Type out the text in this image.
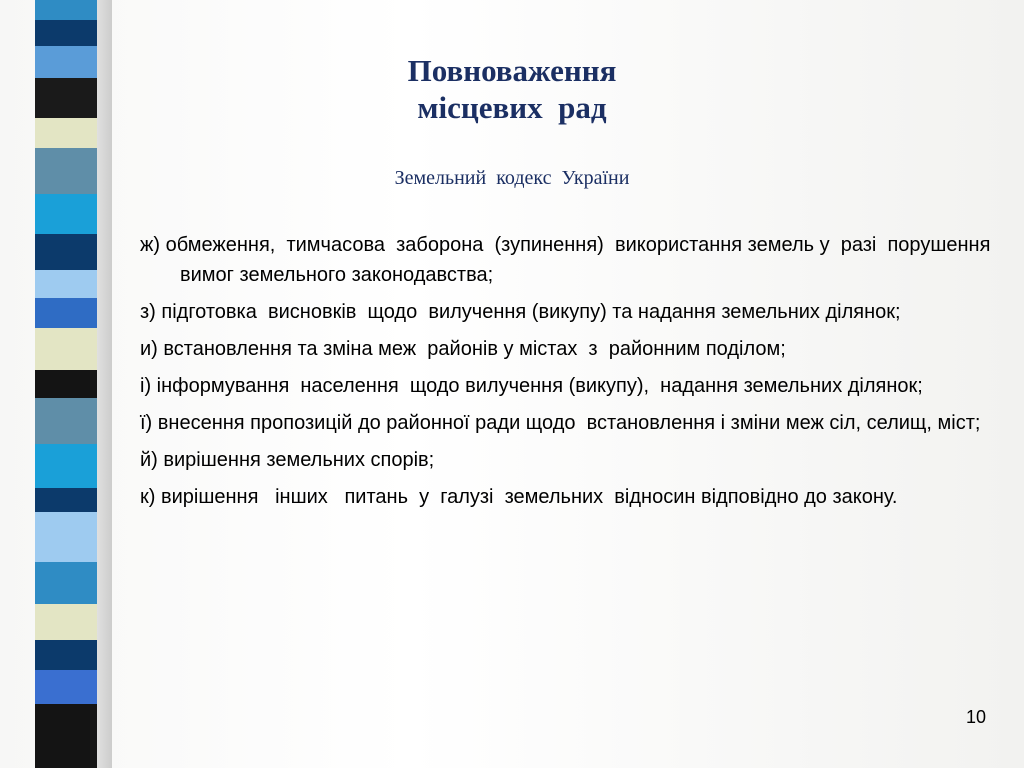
Повноваження
місцевих  рад
Земельний  кодекс  України
ж) обмеження,  тимчасова  заборона  (зупинення)  використання земель у  разі  порушення вимог земельного законодавства;
з) підготовка  висновків  щодо  вилучення (викупу) та надання земельних ділянок;
и) встановлення та зміна меж  районів у містах  з  районним поділом;
і) інформування  населення  щодо вилучення (викупу),  надання земельних ділянок;
ї) внесення пропозицій до районної ради щодо  встановлення і зміни меж сіл, селищ, міст;
й) вирішення земельних спорів;
к) вирішення   інших   питань  у  галузі  земельних  відносин відповідно до закону.
10
